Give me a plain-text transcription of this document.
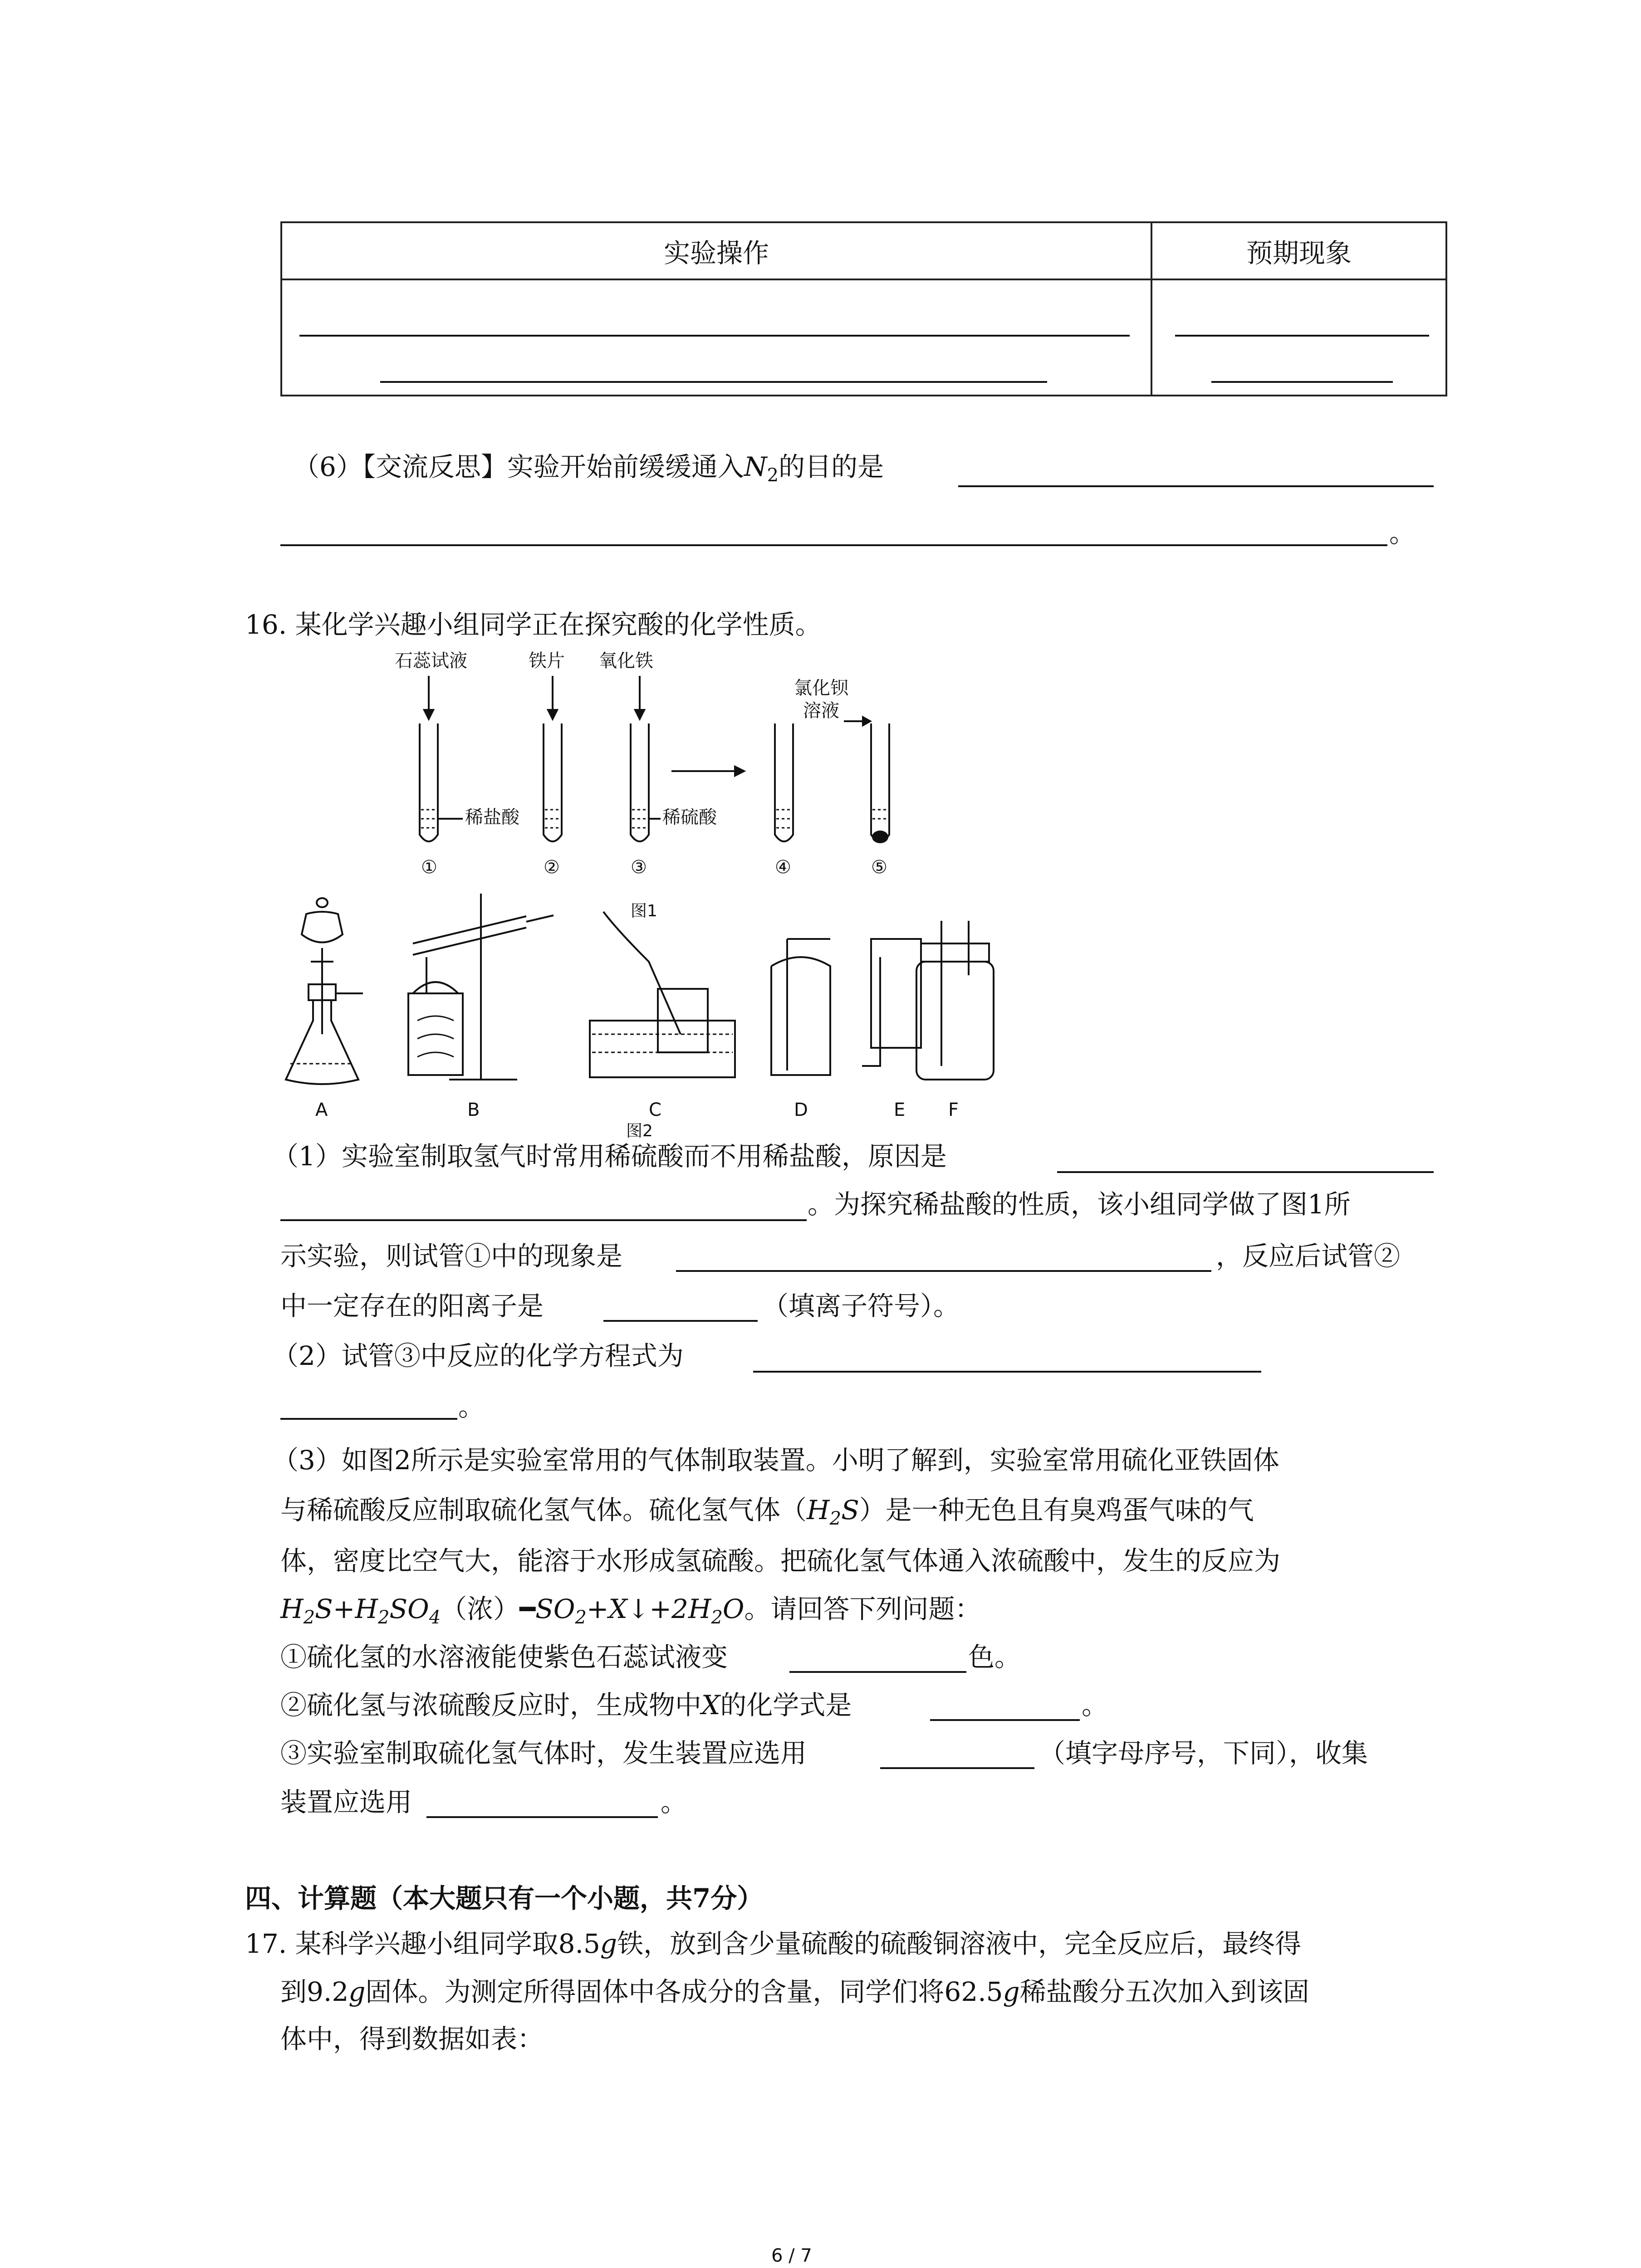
实验操作	预期现象

（6）【交流反思】实验开始前缓缓通入$N_2$的目的是
。
16. 某化学兴趣小组同学正在探究酸的化学性质。
石蕊试液	铁片 氧化铁
氯化钡
溶液
稀盐酸	稀硫酸
①	②	③	④	⑤
图1
A	B	C	D	E F
图2
（1）实验室制取氢气时常用稀硫酸而不用稀盐酸，原因是
。为探究稀盐酸的性质，该小组同学做了图1所
示实验，则试管①中的现象是	，反应后试管②
中一定存在的阳离子是	（填离子符号）。
（2）试管③中反应的化学方程式为
。
（3）如图2所示是实验室常用的气体制取装置。小明了解到，实验室常用硫化亚铁固体
与稀硫酸反应制取硫化氢气体。硫化氢气体$(H_2S)$是一种无色且有臭鸡蛋气味的气
体，密度比空气大，能溶于水形成氢硫酸。把硫化氢气体通入浓硫酸中，发生的反应为
$H_2S+H_2SO_4$（浓）$━SO_2+X↓+2H_2O$。请回答下列问题：
①硫化氢的水溶液能使紫色石蕊试液变	色。
②硫化氢与浓硫酸反应时，生成物中X的化学式是	。
③实验室制取硫化氢气体时，发生装置应选用	（填字母序号，下同），收集
装置应选用	。
四、计算题（本大题只有一个小题，共7分）
17. 某科学兴趣小组同学取8.5g铁，放到含少量硫酸的硫酸铜溶液中，完全反应后，最终得
到9.2g固体。为测定所得固体中各成分的含量，同学们将62.5g稀盐酸分五次加入到该固
体中，得到数据如表：
6 / 7
